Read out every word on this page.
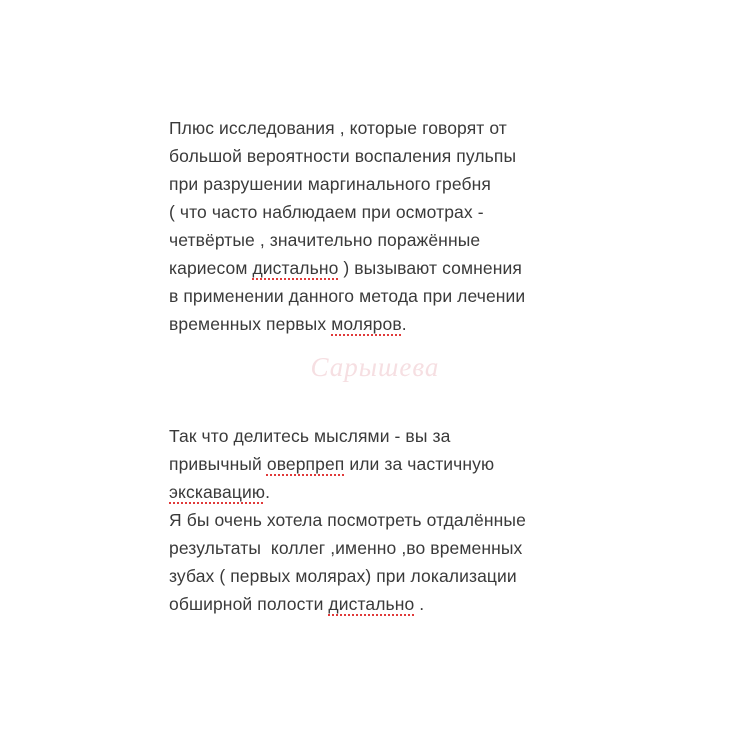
Плюс исследования , которые говорят от
большой вероятности воспаления пульпы
при разрушении маргинального гребня
( что часто наблюдаем при осмотрах -
четвёртые , значительно поражённые
кариесом дистально ) вызывают сомнения
в применении данного метода при лечении
временных первых моляров.
Сарышева
Так что делитесь мыслями - вы за
привычный оверпреп или за частичную
экскавацию.
Я бы очень хотела посмотреть отдалённые
результаты  коллег ,именно ,во временных
зубах ( первых молярах) при локализации
обширной полости дистально .
